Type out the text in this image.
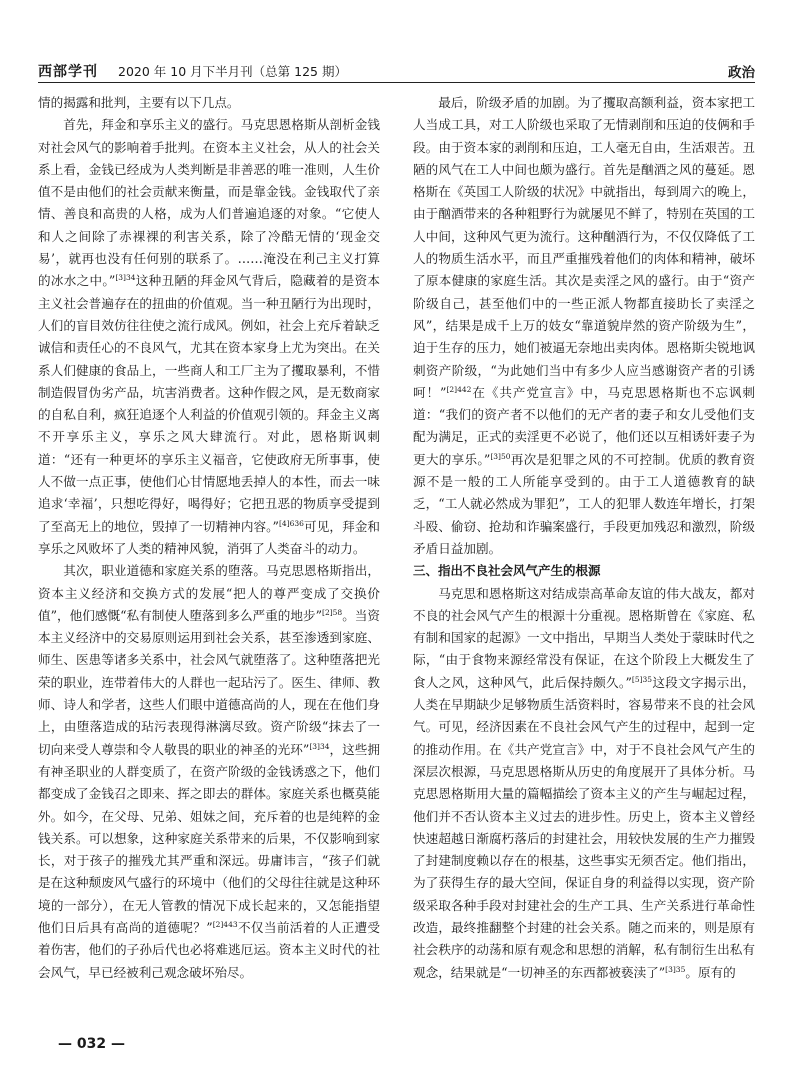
西部学刊 2020 年 10 月下半月刊（总第 125 期）	政治

情的揭露和批判，主要有以下几点。

首先，拜金和享乐主义的盛行。马克思恩格斯从剖析金钱对社会风气的影响着手批判。在资本主义社会，从人的社会关系上看，金钱已经成为人类判断是非善恶的唯一准则，人生价值不是由他们的社会贡献来衡量，而是靠金钱。金钱取代了亲情、善良和高贵的人格，成为人们普遍追逐的对象。“它使人和人之间除了赤裸裸的利害关系，除了冷酷无情的‘现金交易’，就再也没有任何别的联系了。……淹没在利己主义打算的冰水之中。”$^{[3]34}$这种丑陋的拜金风气背后，隐藏着的是资本主义社会普遍存在的扭曲的价值观。当一种丑陋行为出现时，人们的盲目效仿往往使之流行成风。例如，社会上充斥着缺乏诚信和责任心的不良风气，尤其在资本家身上尤为突出。在关系人们健康的食品上，一些商人和工厂主为了攫取暴利，不惜制造假冒伪劣产品，坑害消费者。这种作假之风，是无数商家的自私自利，疯狂追逐个人利益的价值观引领的。拜金主义离不开享乐主义，享乐之风大肆流行。对此，恩格斯讽刺道：“还有一种更坏的享乐主义福音，它使政府无所事事，使人不做一点正事，使他们心甘情愿地丢掉人的本性，而去一味追求‘幸福’，只想吃得好，喝得好；它把丑恶的物质享受提到了至高无上的地位，毁掉了一切精神内容。”$^{[4]636}$可见，拜金和享乐之风败坏了人类的精神风貌，消弭了人类奋斗的动力。

其次，职业道德和家庭关系的堕落。马克思恩格斯指出，资本主义经济和交换方式的发展“把人的尊严变成了交换价值”，他们感慨“私有制使人堕落到多么严重的地步”$^{[2]58}$。当资本主义经济中的交易原则运用到社会关系，甚至渗透到家庭、师生、医患等诸多关系中，社会风气就堕落了。这种堕落把光荣的职业，连带着伟大的人群也一起玷污了。医生、律师、教师、诗人和学者，这些人们眼中道德高尚的人，现在在他们身上，由堕落造成的玷污表现得淋漓尽致。资产阶级“抹去了一切向来受人尊崇和令人敬畏的职业的神圣的光环”$^{[3]34}$，这些拥有神圣职业的人群变质了，在资产阶级的金钱诱惑之下，他们都变成了金钱召之即来、挥之即去的群体。家庭关系也概莫能外。如今，在父母、兄弟、姐妹之间，充斥着的也是纯粹的金钱关系。可以想象，这种家庭关系带来的后果，不仅影响到家长，对于孩子的摧残尤其严重和深远。毋庸讳言，“孩子们就是在这种颓废风气盛行的环境中（他们的父母往往就是这种环境的一部分），在无人管教的情况下成长起来的，又怎能指望他们日后具有高尚的道德呢？”$^{[2]443}$不仅当前活着的人正遭受着伤害，他们的子孙后代也必将难逃厄运。资本主义时代的社会风气，早已经被利己观念破坏殆尽。

最后，阶级矛盾的加剧。为了攫取高额利益，资本家把工人当成工具，对工人阶级也采取了无情剥削和压迫的伎俩和手段。由于资本家的剥削和压迫，工人毫无自由，生活艰苦。丑陋的风气在工人中间也颇为盛行。首先是酗酒之风的蔓延。恩格斯在《英国工人阶级的状况》中就指出，每到周六的晚上，由于酗酒带来的各种粗野行为就屡见不鲜了，特别在英国的工人中间，这种风气更为流行。这种酗酒行为，不仅仅降低了工人的物质生活水平，而且严重摧残着他们的肉体和精神，破坏了原本健康的家庭生活。其次是卖淫之风的盛行。由于“资产阶级自己，甚至他们中的一些正派人物都直接助长了卖淫之风”，结果是成千上万的妓女“靠道貌岸然的资产阶级为生”，迫于生存的压力，她们被逼无奈地出卖肉体。恩格斯尖锐地讽刺资产阶级，“为此她们当中有多少人应当感谢资产者的引诱呵！”$^{[2]442}$在《共产党宣言》中，马克思恩格斯也不忘讽刺道：“我们的资产者不以他们的无产者的妻子和女儿受他们支配为满足，正式的卖淫更不必说了，他们还以互相诱奸妻子为更大的享乐。”$^{[3]50}$再次是犯罪之风的不可控制。优质的教育资源不是一般的工人所能享受到的。由于工人道德教育的缺乏，“工人就必然成为罪犯”，工人的犯罪人数连年增长，打架斗殴、偷窃、抢劫和诈骗案盛行，手段更加残忍和激烈，阶级矛盾日益加剧。

三、指出不良社会风气产生的根源

马克思和恩格斯这对结成崇高革命友谊的伟大战友，都对不良的社会风气产生的根源十分重视。恩格斯曾在《家庭、私有制和国家的起源》一文中指出，早期当人类处于蒙昧时代之际，“由于食物来源经常没有保证，在这个阶段上大概发生了食人之风，这种风气，此后保持颇久。”$^{[5]35}$这段文字揭示出，人类在早期缺少足够物质生活资料时，容易带来不良的社会风气。可见，经济因素在不良社会风气产生的过程中，起到一定的推动作用。在《共产党宣言》中，对于不良社会风气产生的深层次根源，马克思恩格斯从历史的角度展开了具体分析。马克思恩格斯用大量的篇幅描绘了资本主义的产生与崛起过程，他们并不否认资本主义过去的进步性。历史上，资本主义曾经快速超越日渐腐朽落后的封建社会，用较快发展的生产力摧毁了封建制度赖以存在的根基，这些事实无须否定。他们指出，为了获得生存的最大空间，保证自身的利益得以实现，资产阶级采取各种手段对封建社会的生产工具、生产关系进行革命性改造，最终推翻整个封建的社会关系。随之而来的，则是原有社会秩序的动荡和原有观念和思想的消解，私有制衍生出私有观念，结果就是“一切神圣的东西都被亵渎了”$^{[3]35}$。原有的

— 032 —
